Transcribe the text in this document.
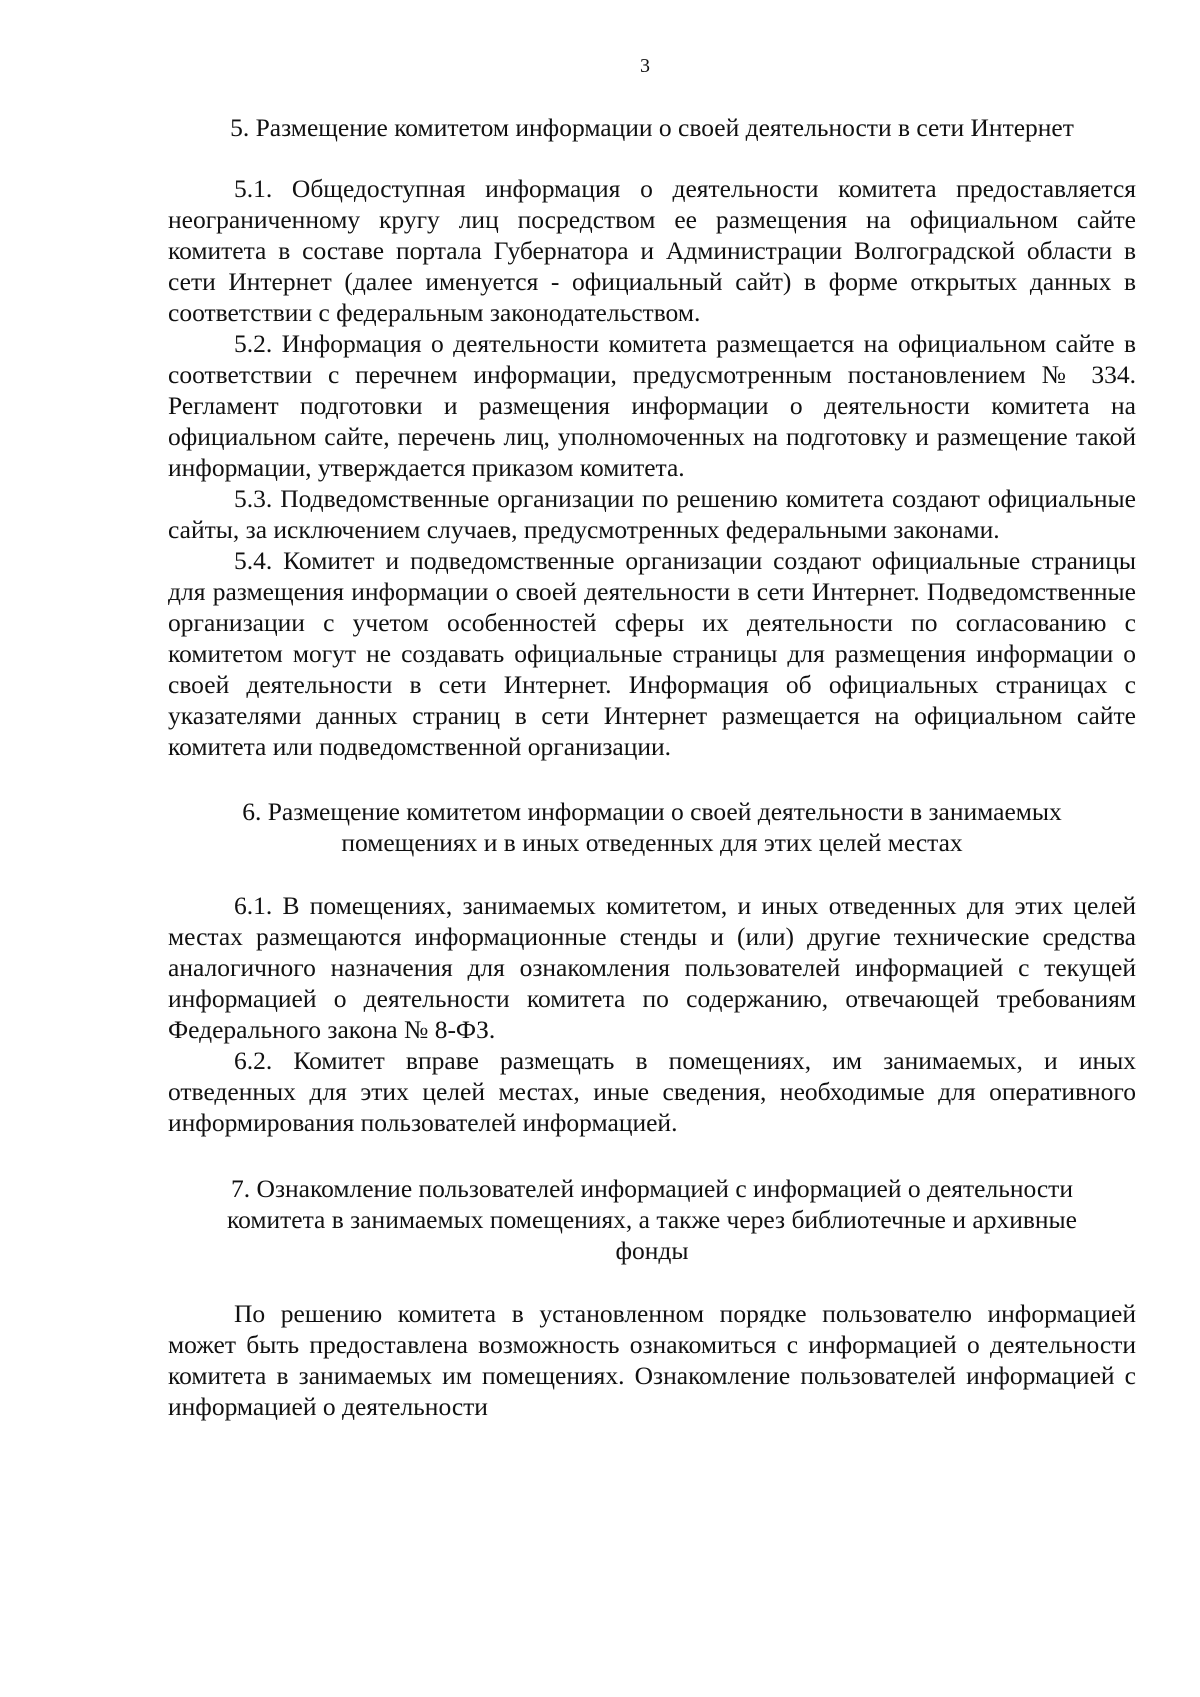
3
5. Размещение комитетом информации о своей деятельности в сети Интернет

5.1. Общедоступная информация о деятельности комитета предоставляется неограниченному кругу лиц посредством ее размещения на официальном сайте комитета в составе портала Губернатора и Администрации Волгоградской области в сети Интернет (далее именуется - официальный сайт) в форме открытых данных в соответствии с федеральным законодательством.

5.2. Информация о деятельности комитета размещается на официальном сайте в соответствии с перечнем информации, предусмотренным постановлением № 334. Регламент подготовки и размещения информации о деятельности комитета на официальном сайте, перечень лиц, уполномоченных на подготовку и размещение такой информации, утверждается приказом комитета.

5.3. Подведомственные организации по решению комитета создают официальные сайты, за исключением случаев, предусмотренных федеральными законами.

5.4. Комитет и подведомственные организации создают официальные страницы для размещения информации о своей деятельности в сети Интернет. Подведомственные организации с учетом особенностей сферы их деятельности по согласованию с комитетом могут не создавать официальные страницы для размещения информации о своей деятельности в сети Интернет. Информация об официальных страницах с указателями данных страниц в сети Интернет размещается на официальном сайте комитета или подведомственной организации.

6. Размещение комитетом информации о своей деятельности в занимаемых
помещениях и в иных отведенных для этих целей местах

6.1. В помещениях, занимаемых комитетом, и иных отведенных для этих целей местах размещаются информационные стенды и (или) другие технические средства аналогичного назначения для ознакомления пользователей информацией с текущей информацией о деятельности комитета по содержанию, отвечающей требованиям Федерального закона № 8-ФЗ.

6.2. Комитет вправе размещать в помещениях, им занимаемых, и иных отведенных для этих целей местах, иные сведения, необходимые для оперативного информирования пользователей информацией.

7. Ознакомление пользователей информацией с информацией о деятельности
комитета в занимаемых помещениях, а также через библиотечные и архивные
фонды

По решению комитета в установленном порядке пользователю информацией может быть предоставлена возможность ознакомиться с информацией о деятельности комитета в занимаемых им помещениях. Ознакомление пользователей информацией с информацией о деятельности
